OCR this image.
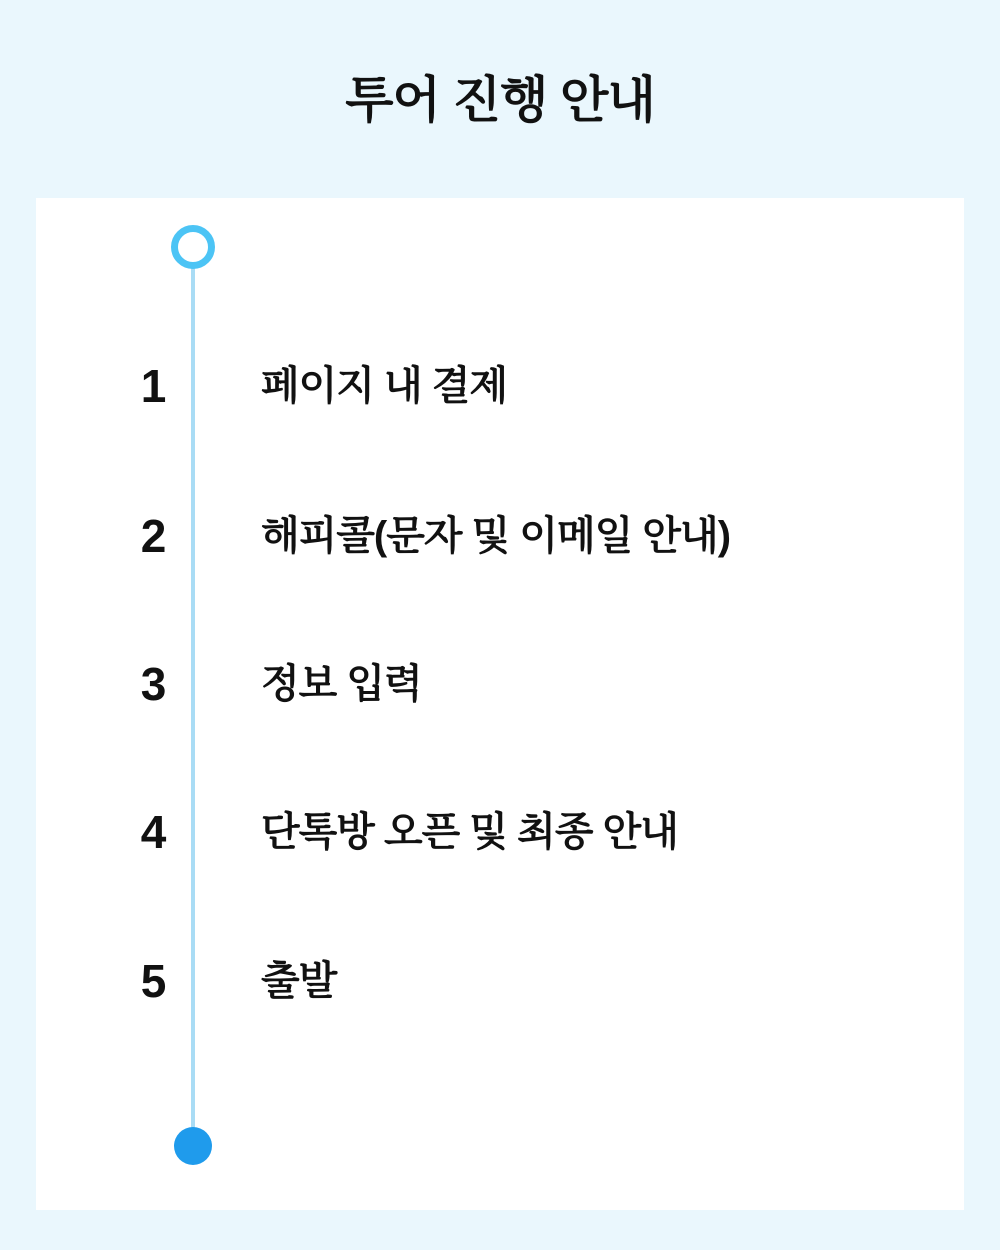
투어 진행 안내
1	페이지 내 결제
2	해피콜(문자 및 이메일 안내)
3	정보 입력
4	단톡방 오픈 및 최종 안내
5	출발
